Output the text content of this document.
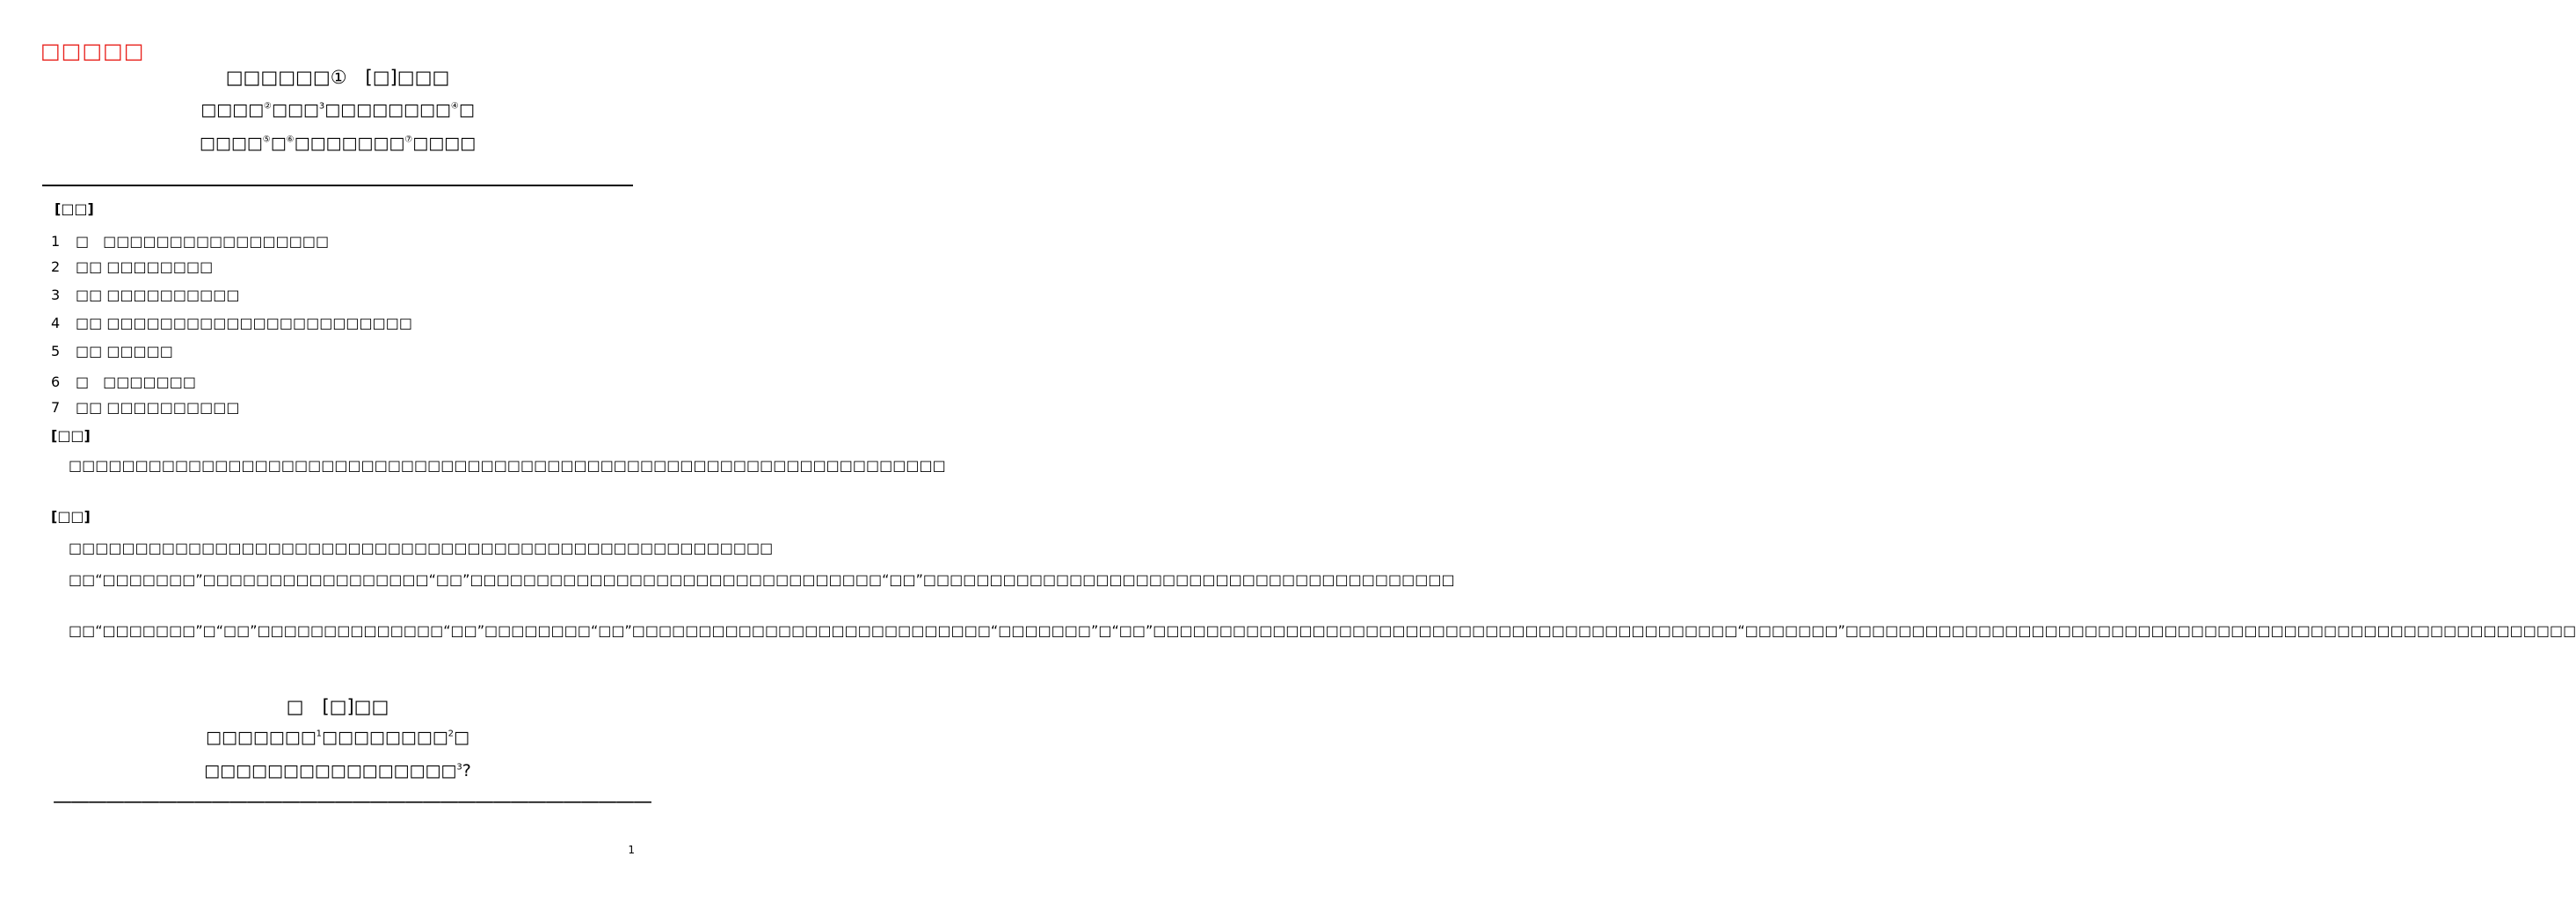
□□□□□
□□□□□□①　[□]□□□
□□□□②□□□$^3$□□□□□□□□④□
□□□□⑤□⑥□□□□□□□⑦□□□□
[□□]
1 □　□□□□□□□□□□□□□□□□□
2 □□ □□□□□□□□
3 □□ □□□□□□□□□□
4 □□ □□□□□□□□□□□□□□□□□□□□□□□
5 □□ □□□□□
6 □　□□□□□□□
7 □□ □□□□□□□□□□
[□□]
□□□□□□□□□□□□□□□□□□□□□□□□□□□□□□□□□□□□□□□□□□□□□□□□□□□□□□□□□□□□□□□□□□
[□□]
□□□□□□□□□□□□□□□□□□□□□□□□□□□□□□□□□□□□□□□□□□□□□□□□□□□□□
□□“□□□□□□□”□□□□□□□□□□□□□□□□□“□□”□□□□□□□□□□□□□□□□□□□□□□□□□□□□□□□“□□”□□□□□□□□□□□□□□□□□□□□□□□□□□□□□□□□□□□□□□□□
□□“□□□□□□□”□“□□”□□□□□□□□□□□□□□“□□”□□□□□□□□“□□”□□□□□□□□□□□□□□□□□□□□□□□□□□□“□□□□□□□”□“□□”□□□□□□□□□□□□□□□□□□□□□□□□□□□□□□□□□□□□□□□□□□□□“□□□□□□□”□□□□□□□□□□□□□□□□□□□□□□□□□□□□□□□□□□□□□□□□□□□□□□□□□□□□□□□
□　[□]□□
□□□□□□□$^1$□□□□□□□□$^2$□
□□□□□□□□□□□□□□□□$^3$?
——————————————————————————————————
1
